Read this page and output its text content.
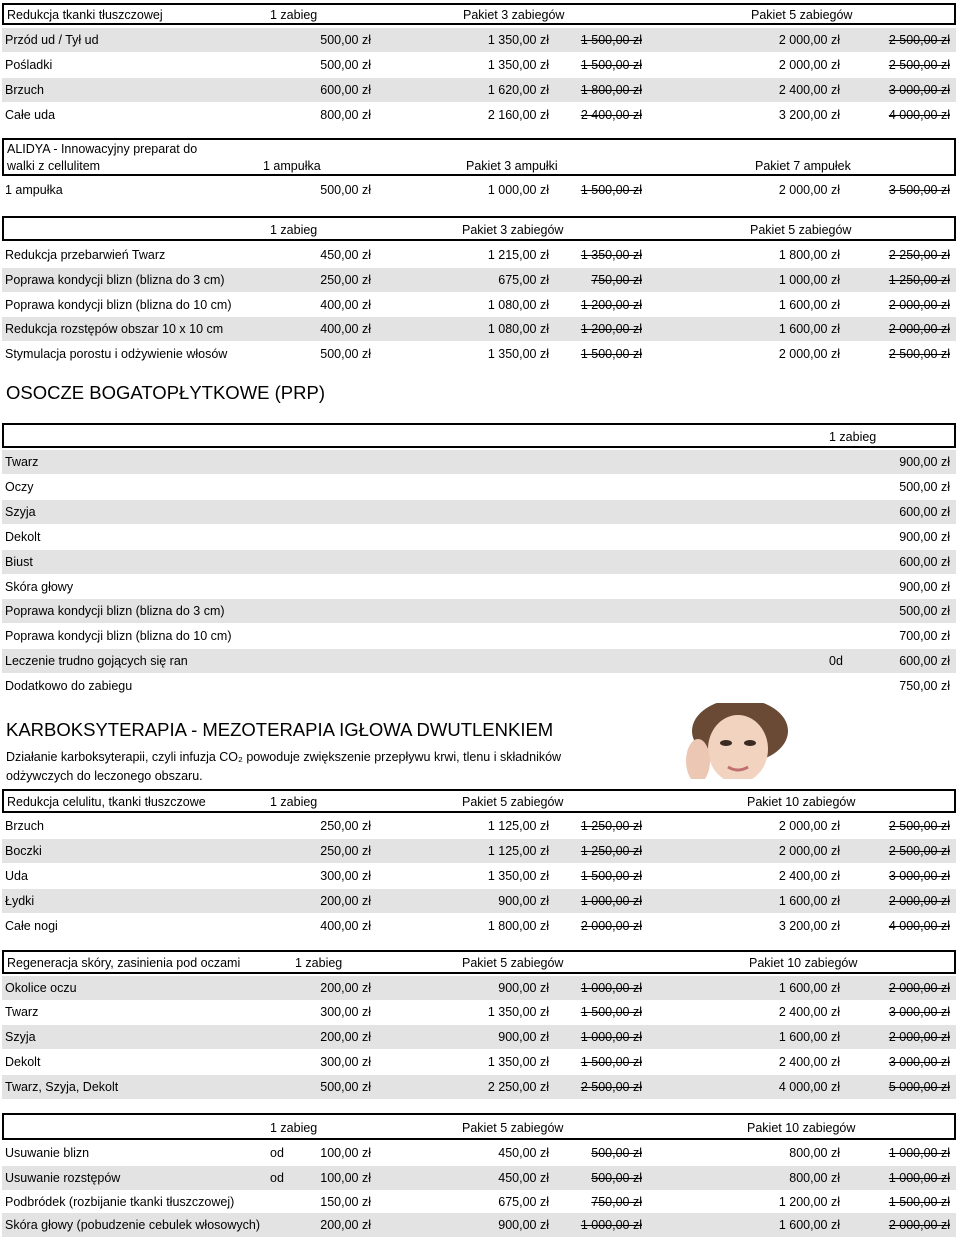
Redukcja tkanki tłuszczowej	1 zabieg	Pakiet 3 zabiegów	Pakiet 5 zabiegów
Przód ud / Tył ud	500,00 zł	1 350,00 zł	1 500,00 zł	2 000,00 zł	2 500,00 zł
Pośladki	500,00 zł	1 350,00 zł	1 500,00 zł	2 000,00 zł	2 500,00 zł
Brzuch	600,00 zł	1 620,00 zł	1 800,00 zł	2 400,00 zł	3 000,00 zł
Całe uda	800,00 zł	2 160,00 zł	2 400,00 zł	3 200,00 zł	4 000,00 zł
ALIDYA - Innowacyjny preparat do
walki z cellulitem	1 ampułka	Pakiet 3 ampułki	Pakiet 7 ampułek
1 ampułka	500,00 zł	1 000,00 zł	1 500,00 zł	2 000,00 zł	3 500,00 zł
1 zabieg	Pakiet 3 zabiegów	Pakiet 5 zabiegów
Redukcja przebarwień Twarz	450,00 zł	1 215,00 zł	1 350,00 zł	1 800,00 zł	2 250,00 zł
Poprawa kondycji blizn (blizna do 3 cm)	250,00 zł	675,00 zł	750,00 zł	1 000,00 zł	1 250,00 zł
Poprawa kondycji blizn (blizna do 10 cm)	400,00 zł	1 080,00 zł	1 200,00 zł	1 600,00 zł	2 000,00 zł
Redukcja rozstępów obszar 10 x 10 cm	400,00 zł	1 080,00 zł	1 200,00 zł	1 600,00 zł	2 000,00 zł
Stymulacja porostu i odżywienie włosów	500,00 zł	1 350,00 zł	1 500,00 zł	2 000,00 zł	2 500,00 zł
OSOCZE BOGATOPŁYTKOWE (PRP)
1 zabieg
Twarz	900,00 zł
Oczy	500,00 zł
Szyja	600,00 zł
Dekolt	900,00 zł
Biust	600,00 zł
Skóra głowy	900,00 zł
Poprawa kondycji blizn (blizna do 3 cm)	500,00 zł
Poprawa kondycji blizn (blizna do 10 cm)	700,00 zł
Leczenie trudno gojących się ran	0d	600,00 zł
Dodatkowo do zabiegu	750,00 zł
KARBOKSYTERAPIA - MEZOTERAPIA IGŁOWA DWUTLENKIEM
Działanie karboksyterapii, czyli infuzja CO₂ powoduje zwiększenie przepływu krwi, tlenu i składników
odżywczych do leczonego obszaru.
Redukcja celulitu, tkanki tłuszczowe	1 zabieg	Pakiet 5 zabiegów	Pakiet 10 zabiegów
Brzuch	250,00 zł	1 125,00 zł	1 250,00 zł	2 000,00 zł	2 500,00 zł
Boczki	250,00 zł	1 125,00 zł	1 250,00 zł	2 000,00 zł	2 500,00 zł
Uda	300,00 zł	1 350,00 zł	1 500,00 zł	2 400,00 zł	3 000,00 zł
Łydki	200,00 zł	900,00 zł	1 000,00 zł	1 600,00 zł	2 000,00 zł
Całe nogi	400,00 zł	1 800,00 zł	2 000,00 zł	3 200,00 zł	4 000,00 zł
Regeneracja skóry, zasinienia pod oczami	1 zabieg	Pakiet 5 zabiegów	Pakiet 10 zabiegów
Okolice oczu	200,00 zł	900,00 zł	1 000,00 zł	1 600,00 zł	2 000,00 zł
Twarz	300,00 zł	1 350,00 zł	1 500,00 zł	2 400,00 zł	3 000,00 zł
Szyja	200,00 zł	900,00 zł	1 000,00 zł	1 600,00 zł	2 000,00 zł
Dekolt	300,00 zł	1 350,00 zł	1 500,00 zł	2 400,00 zł	3 000,00 zł
Twarz, Szyja, Dekolt	500,00 zł	2 250,00 zł	2 500,00 zł	4 000,00 zł	5 000,00 zł
1 zabieg	Pakiet 5 zabiegów	Pakiet 10 zabiegów
Usuwanie blizn	od	100,00 zł	450,00 zł	500,00 zł	800,00 zł	1 000,00 zł
Usuwanie rozstępów	od	100,00 zł	450,00 zł	500,00 zł	800,00 zł	1 000,00 zł
Podbródek (rozbijanie tkanki tłuszczowej)	150,00 zł	675,00 zł	750,00 zł	1 200,00 zł	1 500,00 zł
Skóra głowy (pobudzenie cebulek włosowych)	200,00 zł	900,00 zł	1 000,00 zł	1 600,00 zł	2 000,00 zł
